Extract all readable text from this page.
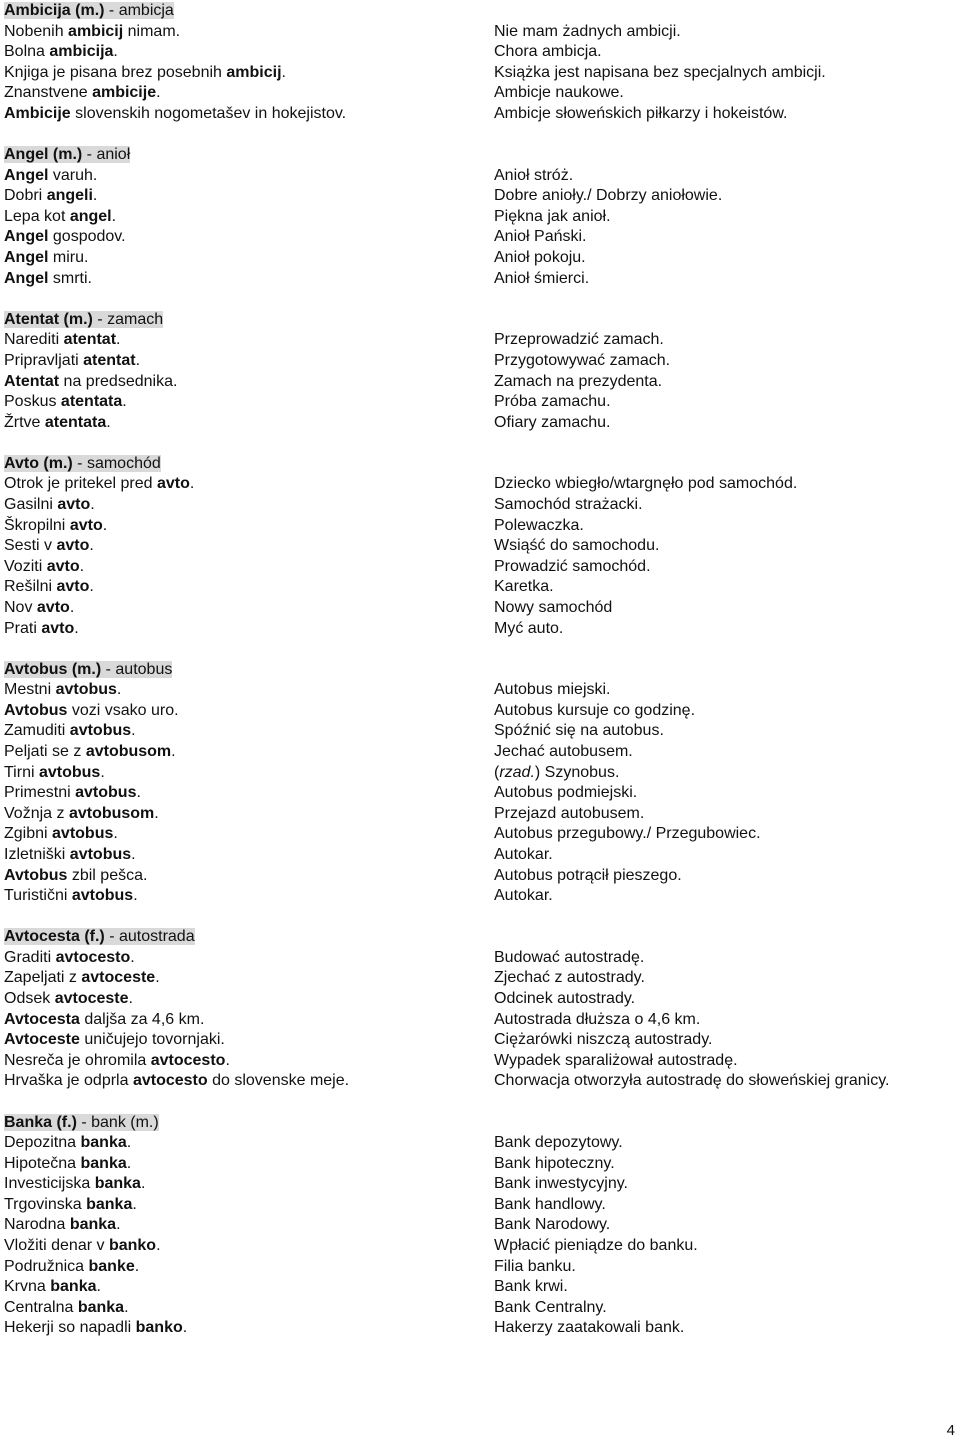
Ambicija (m.) - ambicja
Nobenih ambicij nimam.	Nie mam żadnych ambicji.
Bolna ambicija.	Chora ambicja.
Knjiga je pisana brez posebnih ambicij.	Książka jest napisana bez specjalnych ambicji.
Znanstvene ambicije.	Ambicje naukowe.
Ambicije slovenskih nogometašev in hokejistov.	Ambicje słoweńskich piłkarzy i hokeistów.
Angel (m.) - anioł
Angel varuh.	Anioł stróż.
Dobri angeli.	Dobre anioły./ Dobrzy aniołowie.
Lepa kot angel.	Piękna jak anioł.
Angel gospodov.	Anioł Pański.
Angel miru.	Anioł pokoju.
Angel smrti.	Anioł śmierci.
Atentat (m.) - zamach
Narediti atentat.	Przeprowadzić zamach.
Pripravljati atentat.	Przygotowywać zamach.
Atentat na predsednika.	Zamach na prezydenta.
Poskus atentata.	Próba zamachu.
Žrtve atentata.	Ofiary zamachu.
Avto (m.) - samochód
Otrok je pritekel pred avto.	Dziecko wbiegło/wtargnęło pod samochód.
Gasilni avto.	Samochód strażacki.
Škropilni avto.	Polewaczka.
Sesti v avto.	Wsiąść do samochodu.
Voziti avto.	Prowadzić samochód.
Rešilni avto.	Karetka.
Nov avto.	Nowy samochód
Prati avto.	Myć auto.
Avtobus (m.) - autobus
Mestni avtobus.	Autobus miejski.
Avtobus vozi vsako uro.	Autobus kursuje co godzinę.
Zamuditi avtobus.	Spóźnić się na autobus.
Peljati se z avtobusom.	Jechać autobusem.
Tirni avtobus.	(rzad.) Szynobus.
Primestni avtobus.	Autobus podmiejski.
Vožnja z avtobusom.	Przejazd autobusem.
Zgibni avtobus.	Autobus przegubowy./ Przegubowiec.
Izletniški avtobus.	Autokar.
Avtobus zbil pešca.	Autobus potrącił pieszego.
Turistični avtobus.	Autokar.
Avtocesta (f.) - autostrada
Graditi avtocesto.	Budować autostradę.
Zapeljati z avtoceste.	Zjechać z autostrady.
Odsek avtoceste.	Odcinek autostrady.
Avtocesta daljša za 4,6 km.	Autostrada dłuższa o 4,6 km.
Avtoceste uničujejo tovornjaki.	Ciężarówki niszczą autostrady.
Nesreča je ohromila avtocesto.	Wypadek sparaliżował autostradę.
Hrvaška je odprla avtocesto do slovenske meje.	Chorwacja otworzyła autostradę do słoweńskiej granicy.
Banka (f.) - bank (m.)
Depozitna banka.	Bank depozytowy.
Hipotečna banka.	Bank hipoteczny.
Investicijska banka.	Bank inwestycyjny.
Trgovinska banka.	Bank handlowy.
Narodna banka.	Bank Narodowy.
Vložiti denar v banko.	Wpłacić pieniądze do banku.
Podružnica banke.	Filia banku.
Krvna banka.	Bank krwi.
Centralna banka.	Bank Centralny.
Hekerji so napadli banko.	Hakerzy zaatakowali bank.
4
